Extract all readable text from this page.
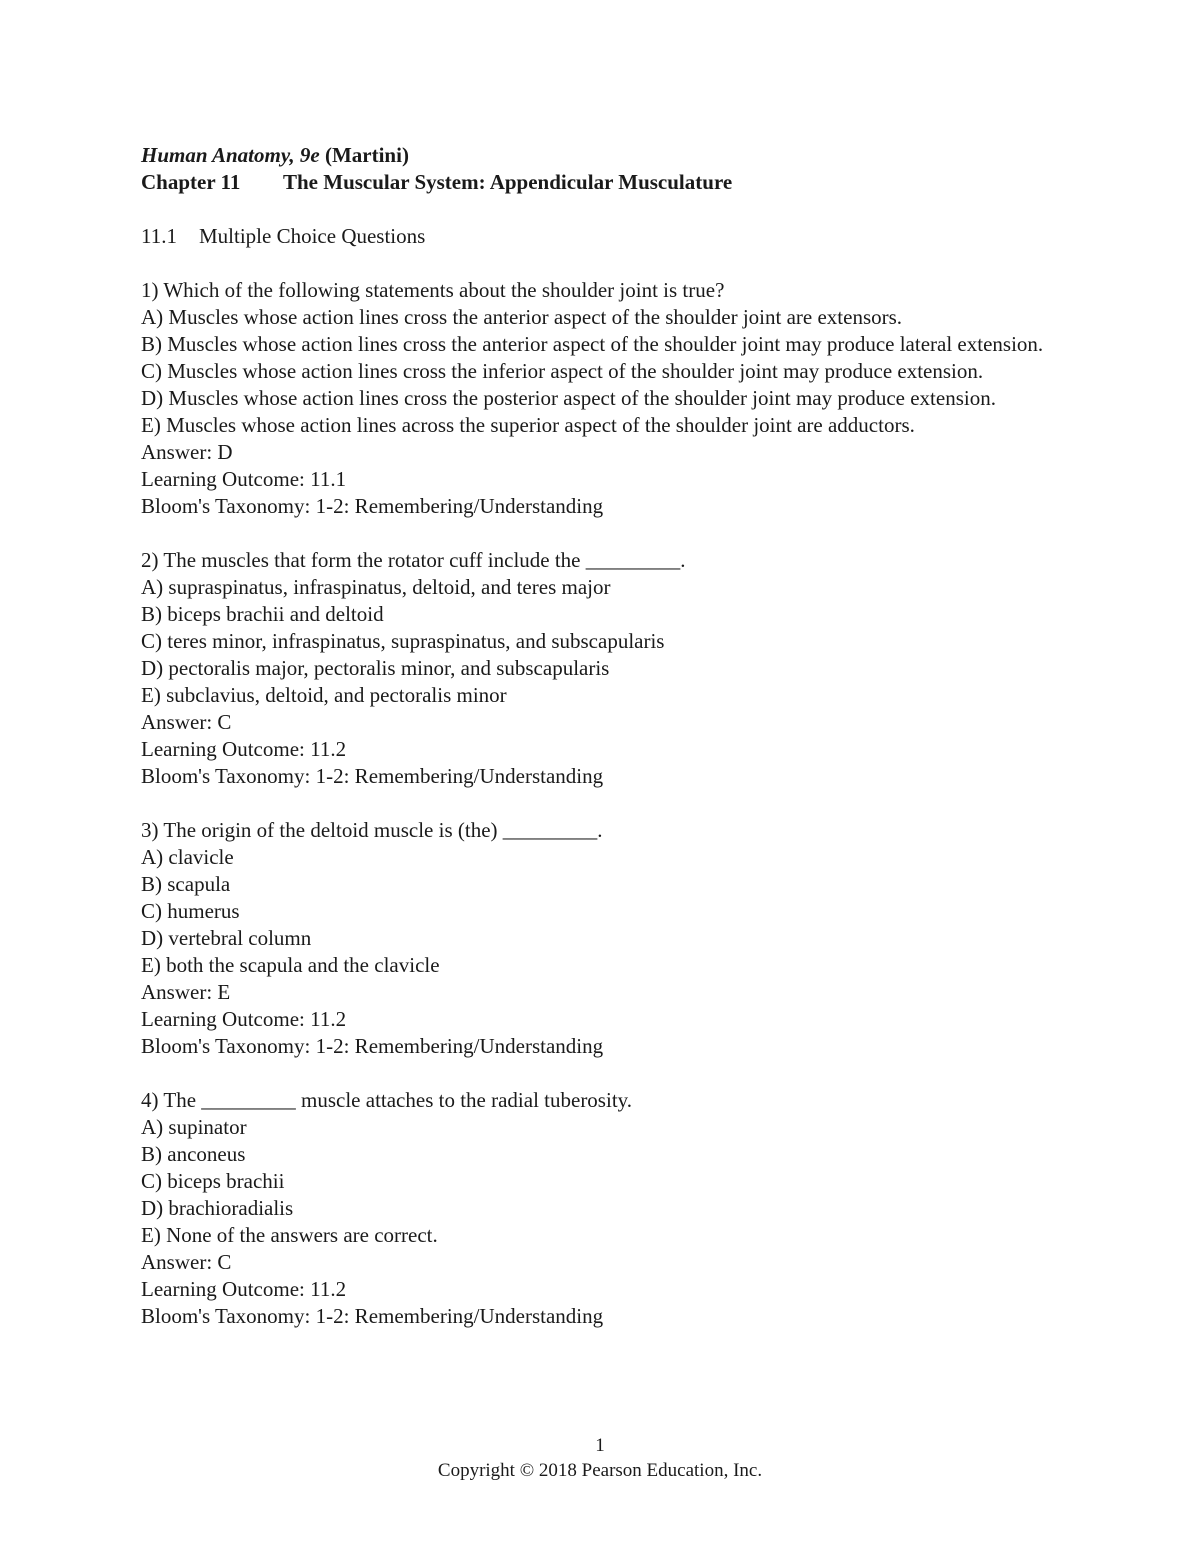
Human Anatomy, 9e (Martini)

Chapter 11 The Muscular System: Appendicular Musculature

11.1 Multiple Choice Questions

1) Which of the following statements about the shoulder joint is true?

A) Muscles whose action lines cross the anterior aspect of the shoulder joint are extensors.

B) Muscles whose action lines cross the anterior aspect of the shoulder joint may produce lateral extension.

C) Muscles whose action lines cross the inferior aspect of the shoulder joint may produce extension.

D) Muscles whose action lines cross the posterior aspect of the shoulder joint may produce extension.

E) Muscles whose action lines across the superior aspect of the shoulder joint are adductors.

Answer: D

Learning Outcome: 11.1

Bloom's Taxonomy: 1-2: Remembering/Understanding

2) The muscles that form the rotator cuff include the _________.

A) supraspinatus, infraspinatus, deltoid, and teres major

B) biceps brachii and deltoid

C) teres minor, infraspinatus, supraspinatus, and subscapularis

D) pectoralis major, pectoralis minor, and subscapularis

E) subclavius, deltoid, and pectoralis minor

Answer: C

Learning Outcome: 11.2

Bloom's Taxonomy: 1-2: Remembering/Understanding

3) The origin of the deltoid muscle is (the) _________.

A) clavicle

B) scapula

C) humerus

D) vertebral column

E) both the scapula and the clavicle

Answer: E

Learning Outcome: 11.2

Bloom's Taxonomy: 1-2: Remembering/Understanding

4) The _________ muscle attaches to the radial tuberosity.

A) supinator

B) anconeus

C) biceps brachii

D) brachioradialis

E) None of the answers are correct.

Answer: C

Learning Outcome: 11.2

Bloom's Taxonomy: 1-2: Remembering/Understanding

1
Copyright © 2018 Pearson Education, Inc.
